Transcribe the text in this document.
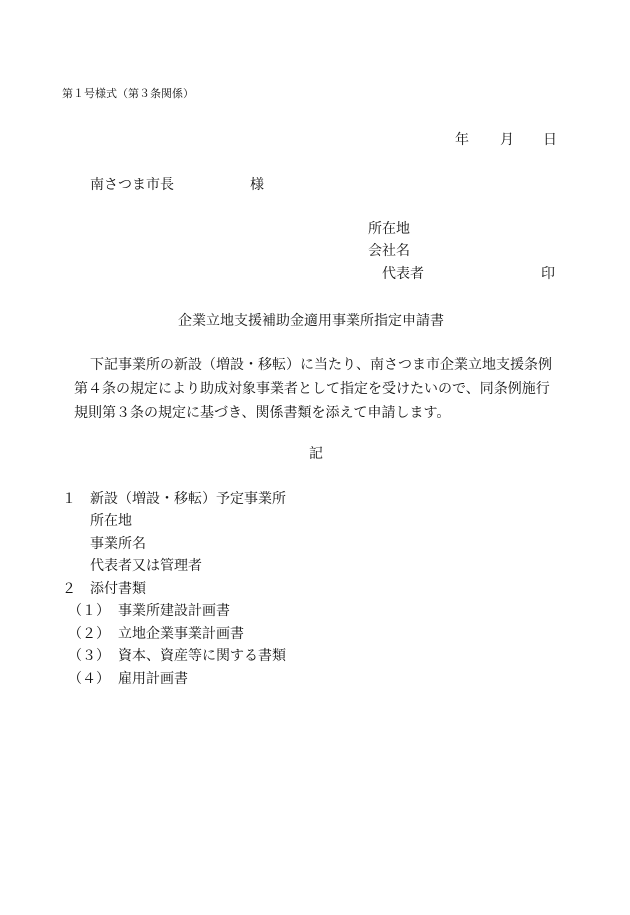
第１号様式（第３条関係）
年 月 日
南さつま市長	様
所在地
会社名
代表者	印
企業立地支援補助金適用事業所指定申請書
下記事業所の新設（増設・移転）に当たり、南さつま市企業立地支援条例
第４条の規定により助成対象事業者として指定を受けたいので、同条例施行
規則第３条の規定に基づき、関係書類を添えて申請します。
記
１ 新設（増設・移転）予定事業所
所在地
事業所名
代表者又は管理者
２ 添付書類
（１） 事業所建設計画書
（２） 立地企業事業計画書
（３） 資本、資産等に関する書類
（４） 雇用計画書
